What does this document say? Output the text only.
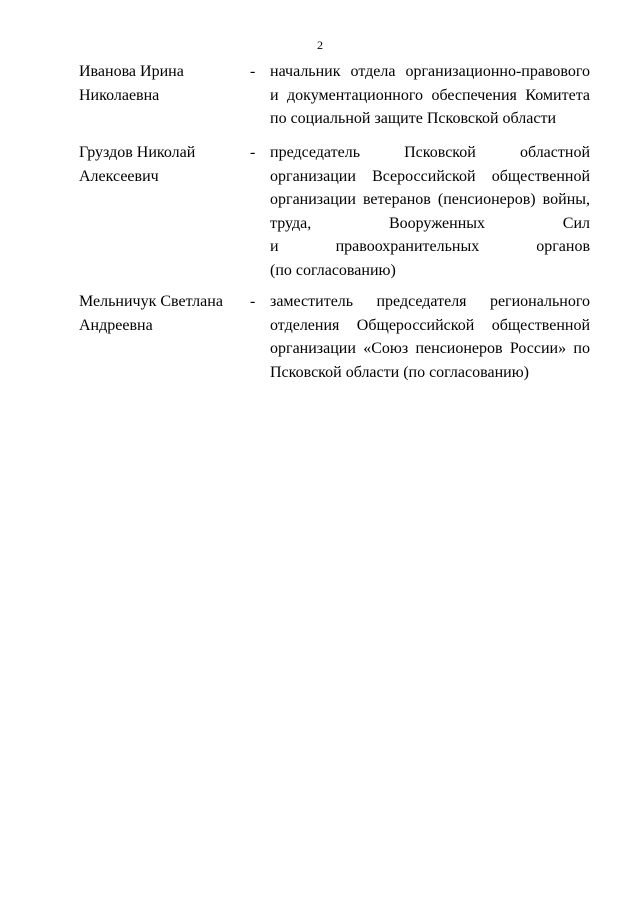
2
Иванова Ирина
Николаевна
- начальник отдела организационно-правового
и документационного обеспечения Комитета
по социальной защите Псковской области
Груздов Николай
Алексеевич
- председатель Псковской областной
организации Всероссийской общественной
организации ветеранов (пенсионеров) войны,
труда, Вооруженных Сил
и правоохранительных органов
(по согласованию)
Мельничук Светлана
Андреевна
- заместитель председателя регионального
отделения Общероссийской общественной
организации «Союз пенсионеров России» по
Псковской области (по согласованию)
